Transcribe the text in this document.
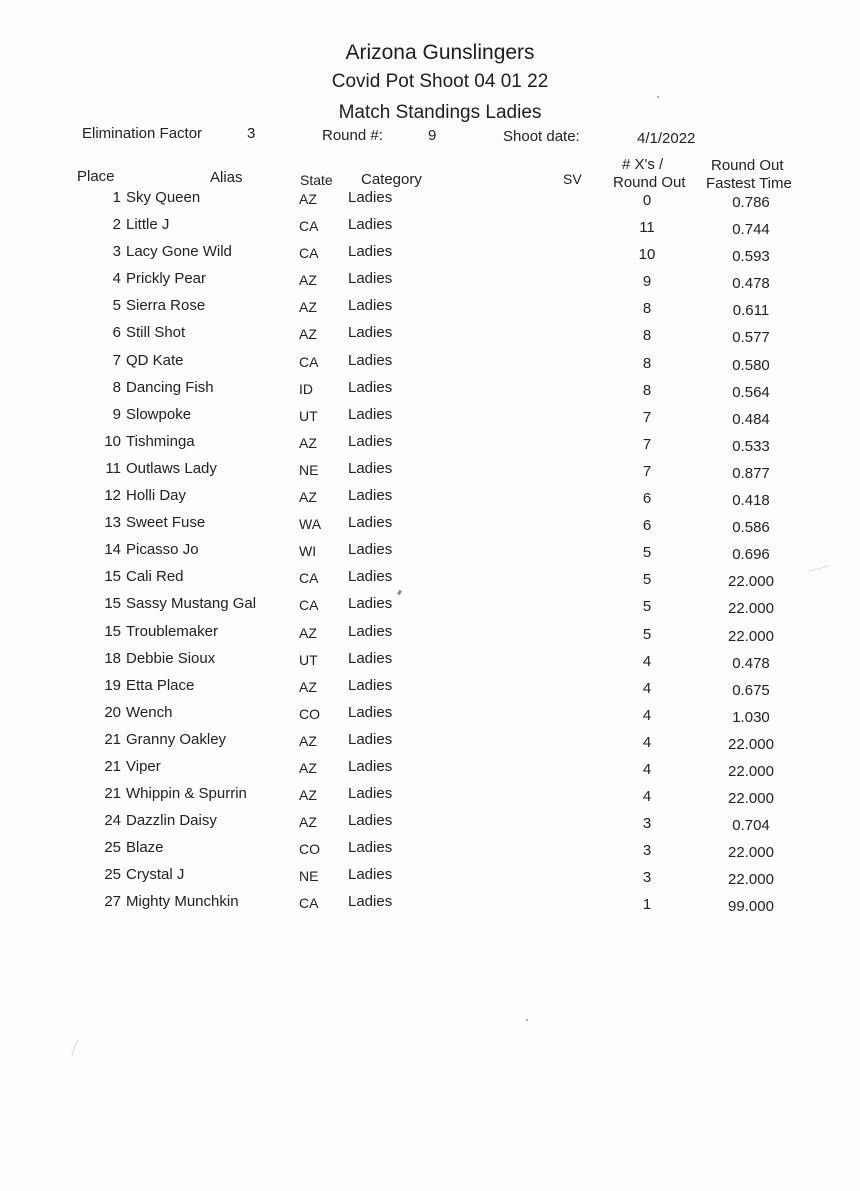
Arizona Gunslingers
Covid Pot Shoot 04 01 22
Match Standings Ladies
Elimination Factor	3	Round #:	9	Shoot date:	4/1/2022
Place	Alias	State Category	SV
# X's /
Round Out
Round Out
Fastest Time
1 Sky Queen	AZ Ladies	0	0.786
2 Little J	CA Ladies	11	0.744
3 Lacy Gone Wild	CA Ladies	10	0.593
4 Prickly Pear	AZ Ladies	9	0.478
5 Sierra Rose	AZ Ladies	8	0.611
6 Still Shot	AZ Ladies	8	0.577
7 QD Kate	CA Ladies	8	0.580
8 Dancing Fish	ID Ladies	8	0.564
9 Slowpoke	UT Ladies	7	0.484
10 Tishminga	AZ Ladies	7	0.533
11 Outlaws Lady	NE Ladies	7	0.877
12 Holli Day	AZ Ladies	6	0.418
13 Sweet Fuse	WA Ladies	6	0.586
14 Picasso Jo	WI Ladies	5	0.696
15 Cali Red	CA Ladies	5	22.000
15 Sassy Mustang Gal	CA Ladies	5	22.000
15 Troublemaker	AZ Ladies	5	22.000
18 Debbie Sioux	UT Ladies	4	0.478
19 Etta Place	AZ Ladies	4	0.675
20 Wench	CO Ladies	4	1.030
21 Granny Oakley	AZ Ladies	4	22.000
21 Viper	AZ Ladies	4	22.000
21 Whippin & Spurrin	AZ Ladies	4	22.000
24 Dazzlin Daisy	AZ Ladies	3	0.704
25 Blaze	CO Ladies	3	22.000
25 Crystal J	NE Ladies	3	22.000
27 Mighty Munchkin	CA Ladies	1	99.000
